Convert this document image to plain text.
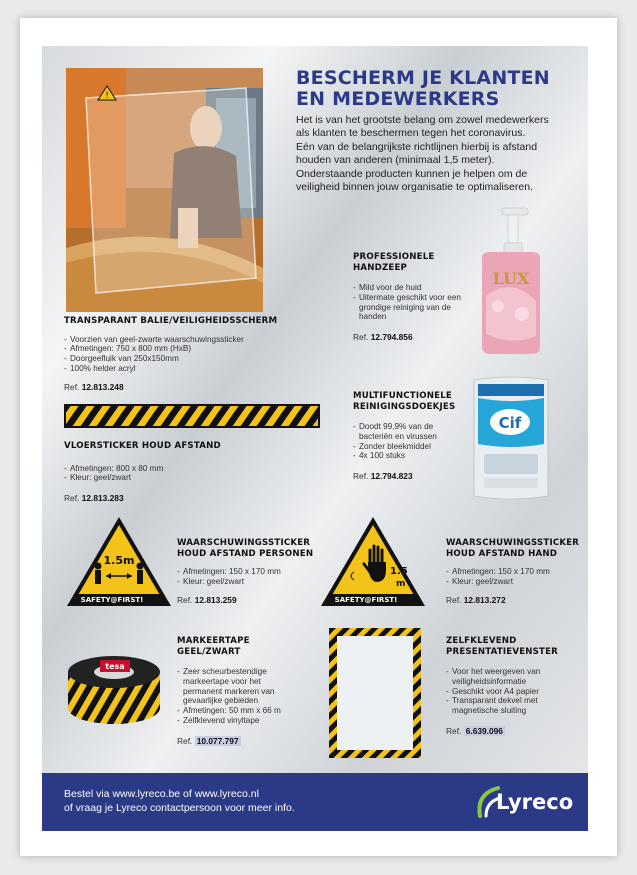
!
BESCHERM JE KLANTEN
EN MEDEWERKERS
Het is van het grootste belang om zowel medewerkers
als klanten te beschermen tegen het coronavirus.
Eén van de belangrijkste richtlijnen hierbij is afstand
houden van anderen (minimaal 1,5 meter).
Onderstaande producten kunnen je helpen om de
veiligheid binnen jouw organisatie te optimaliseren.
TRANSPARANT BALIE/VEILIGHEIDSSCHERM
- Voorzien van geel-zwarte waarschuwingssticker
- Afmetingen: 750 x 800 mm (HxB)
- Doorgeefluik van 250x150mm
- 100% helder acryl
Ref. 12.813.248
PROFESSIONELE
HANDZEEP
- Mild voor de huid
- Uitermate geschikt voor een grondige reiniging van de handen
Ref. 12.794.856
LUX
VLOERSTICKER HOUD AFSTAND
- Afmetingen: 800 x 80 mm
- Kleur: geel/zwart
Ref. 12.813.283
MULTIFUNCTIONELE
REINIGINGSDOEKJES
- Doodt 99,9% van de bacteriën en virussen
- Zonder bleekmiddel
- 4x 100 stuks
Ref. 12.794.823
Cif
1.5m
SAFETY@FIRST!
WAARSCHUWINGSSTICKER
HOUD AFSTAND PERSONEN
- Afmetingen: 150 x 170 mm
- Kleur: geel/zwart
Ref. 12.813.259
1.5
m
SAFETY@FIRST!
WAARSCHUWINGSSTICKER
HOUD AFSTAND HAND
- Afmetingen: 150 x 170 mm
- Kleur: geel/zwart
Ref. 12.813.272
tesa
MARKEERTAPE
GEEL/ZWART
- Zeer scheurbestendige markeertape voor het permanent markeren van gevaarlijke gebieden
- Afmetingen: 50 mm x 66 m
- Zelfklevend vinyltape
Ref. 10.077.797
ZELFKLEVEND
PRESENTATIEVENSTER
- Voor het weergeven van veiligheidsinformatie
- Geschikt voor A4 papier
- Transparant dekvel met magnetische sluiting
Ref. 6.639.096
Bestel via www.lyreco.be of www.lyreco.nl
of vraag je Lyreco contactpersoon voor meer info.	Lyreco
